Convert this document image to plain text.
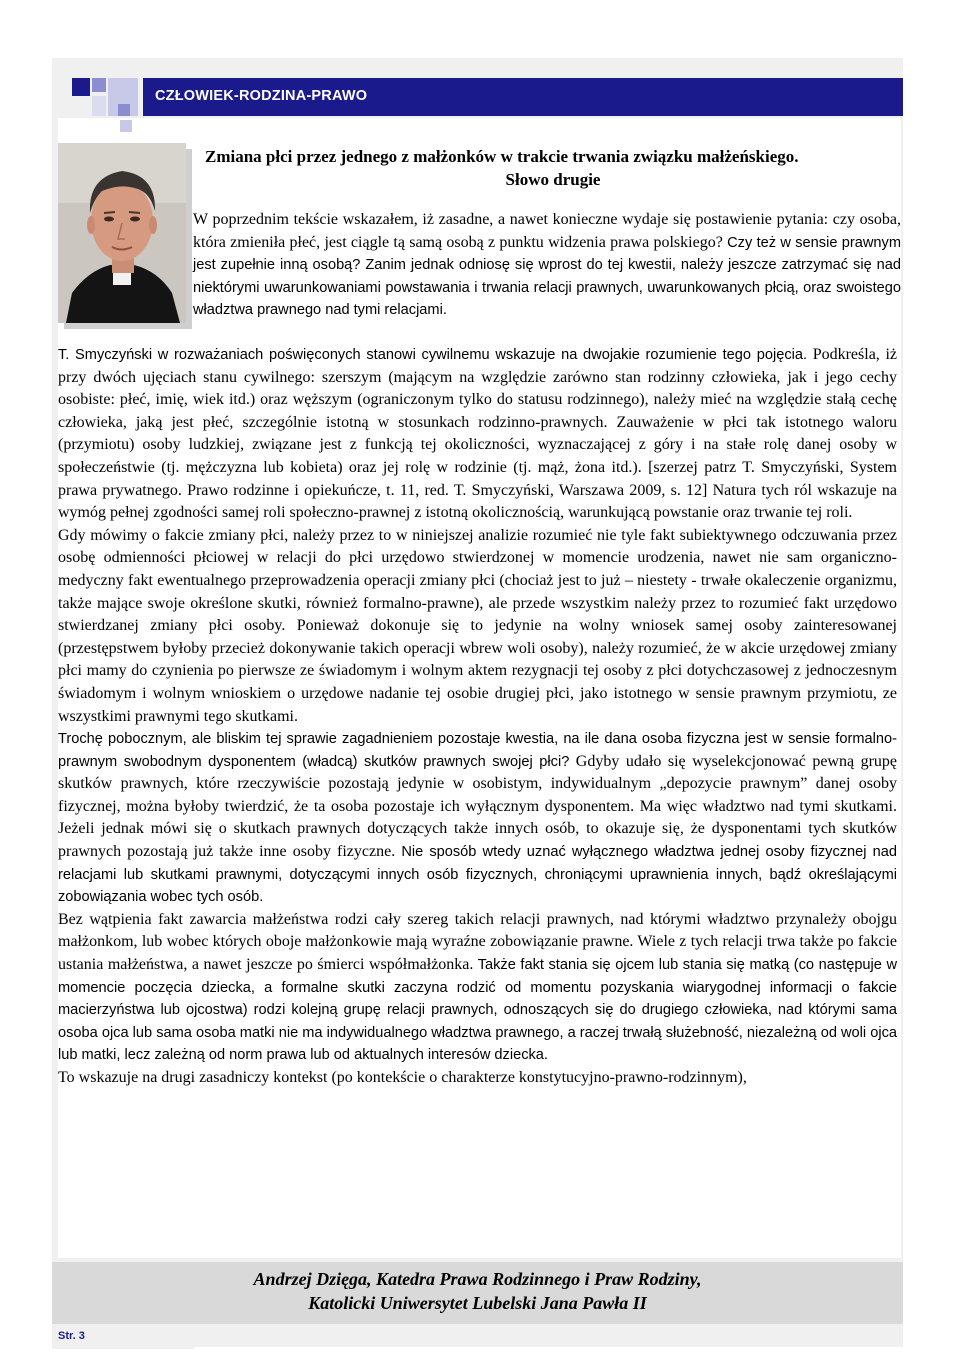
CZŁOWIEK-RODZINA-PRAWO
Zmiana płci przez jednego z małżonków w trakcie trwania związku małżeńskiego.
Słowo drugie

W poprzednim tekście wskazałem, iż zasadne, a nawet konieczne wydaje się postawienie pytania: czy osoba, która zmieniła płeć, jest ciągle tą samą osobą z punktu widzenia prawa polskiego? Czy też w sensie prawnym jest zupełnie inną osobą? Zanim jednak odniosę się wprost do tej kwestii, należy jeszcze zatrzymać się nad niektórymi uwarunkowaniami powstawania i trwania relacji prawnych, uwarunkowanych płcią, oraz swoistego władztwa prawnego nad tymi relacjami.

T. Smyczyński w rozważaniach poświęconych stanowi cywilnemu wskazuje na dwojakie rozumienie tego pojęcia. Podkreśla, iż przy dwóch ujęciach stanu cywilnego: szerszym (mającym na względzie zarówno stan rodzinny człowieka, jak i jego cechy osobiste: płeć, imię, wiek itd.) oraz węższym (ograniczonym tylko do statusu rodzinnego), należy mieć na względzie stałą cechę człowieka, jaką jest płeć, szczególnie istotną w stosunkach rodzinno-prawnych. Zauważenie w płci tak istotnego waloru (przymiotu) osoby ludzkiej, związane jest z funkcją tej okoliczności, wyznaczającej z góry i na stałe rolę danej osoby w społeczeństwie (tj. mężczyzna lub kobieta) oraz jej rolę w rodzinie (tj. mąż, żona itd.). [szerzej patrz T. Smyczyński, System prawa prywatnego. Prawo rodzinne i opiekuńcze, t. 11, red. T. Smyczyński, Warszawa 2009, s. 12] Natura tych ról wskazuje na wymóg pełnej zgodności samej roli społeczno-prawnej z istotną okolicznością, warunkującą powstanie oraz trwanie tej roli.

Gdy mówimy o fakcie zmiany płci, należy przez to w niniejszej analizie rozumieć nie tyle fakt subiektywnego odczuwania przez osobę odmienności płciowej w relacji do płci urzędowo stwierdzonej w momencie urodzenia, nawet nie sam organiczno-medyczny fakt ewentualnego przeprowadzenia operacji zmiany płci (chociaż jest to już – niestety - trwałe okaleczenie organizmu, także mające swoje określone skutki, również formalno-prawne), ale przede wszystkim należy przez to rozumieć fakt urzędowo stwierdzanej zmiany płci osoby. Ponieważ dokonuje się to jedynie na wolny wniosek samej osoby zainteresowanej (przestępstwem byłoby przecież dokonywanie takich operacji wbrew woli osoby), należy rozumieć, że w akcie urzędowej zmiany płci mamy do czynienia po pierwsze ze świadomym i wolnym aktem rezygnacji tej osoby z płci dotychczasowej z jednoczesnym świadomym i wolnym wnioskiem o urzędowe nadanie tej osobie drugiej płci, jako istotnego w sensie prawnym przymiotu, ze wszystkimi prawnymi tego skutkami.

Trochę pobocznym, ale bliskim tej sprawie zagadnieniem pozostaje kwestia, na ile dana osoba fizyczna jest w sensie formalno-prawnym swobodnym dysponentem (władcą) skutków prawnych swojej płci? Gdyby udało się wyselekcjonować pewną grupę skutków prawnych, które rzeczywiście pozostają jedynie w osobistym, indywidualnym „depozycie prawnym” danej osoby fizycznej, można byłoby twierdzić, że ta osoba pozostaje ich wyłącznym dysponentem. Ma więc władztwo nad tymi skutkami. Jeżeli jednak mówi się o skutkach prawnych dotyczących także innych osób, to okazuje się, że dysponentami tych skutków prawnych pozostają już także inne osoby fizyczne. Nie sposób wtedy uznać wyłącznego władztwa jednej osoby fizycznej nad relacjami lub skutkami prawnymi, dotyczącymi innych osób fizycznych, chroniącymi uprawnienia innych, bądź określającymi zobowiązania wobec tych osób.

Bez wątpienia fakt zawarcia małżeństwa rodzi cały szereg takich relacji prawnych, nad którymi władztwo przynależy obojgu małżonkom, lub wobec których oboje małżonkowie mają wyraźne zobowiązanie prawne. Wiele z tych relacji trwa także po fakcie ustania małżeństwa, a nawet jeszcze po śmierci współmałżonka. Także fakt stania się ojcem lub stania się matką (co następuje w momencie poczęcia dziecka, a formalne skutki zaczyna rodzić od momentu pozyskania wiarygodnej informacji o fakcie macierzyństwa lub ojcostwa) rodzi kolejną grupę relacji prawnych, odnoszących się do drugiego człowieka, nad którymi sama osoba ojca lub sama osoba matki nie ma indywidualnego władztwa prawnego, a raczej trwałą służebność, niezależną od woli ojca lub matki, lecz zależną od norm prawa lub od aktualnych interesów dziecka.

To wskazuje na drugi zasadniczy kontekst (po kontekście o charakterze konstytucyjno-prawno-rodzinnym),

Andrzej Dzięga, Katedra Prawa Rodzinnego i Praw Rodziny,
Katolicki Uniwersytet Lubelski Jana Pawła II
Str. 3
